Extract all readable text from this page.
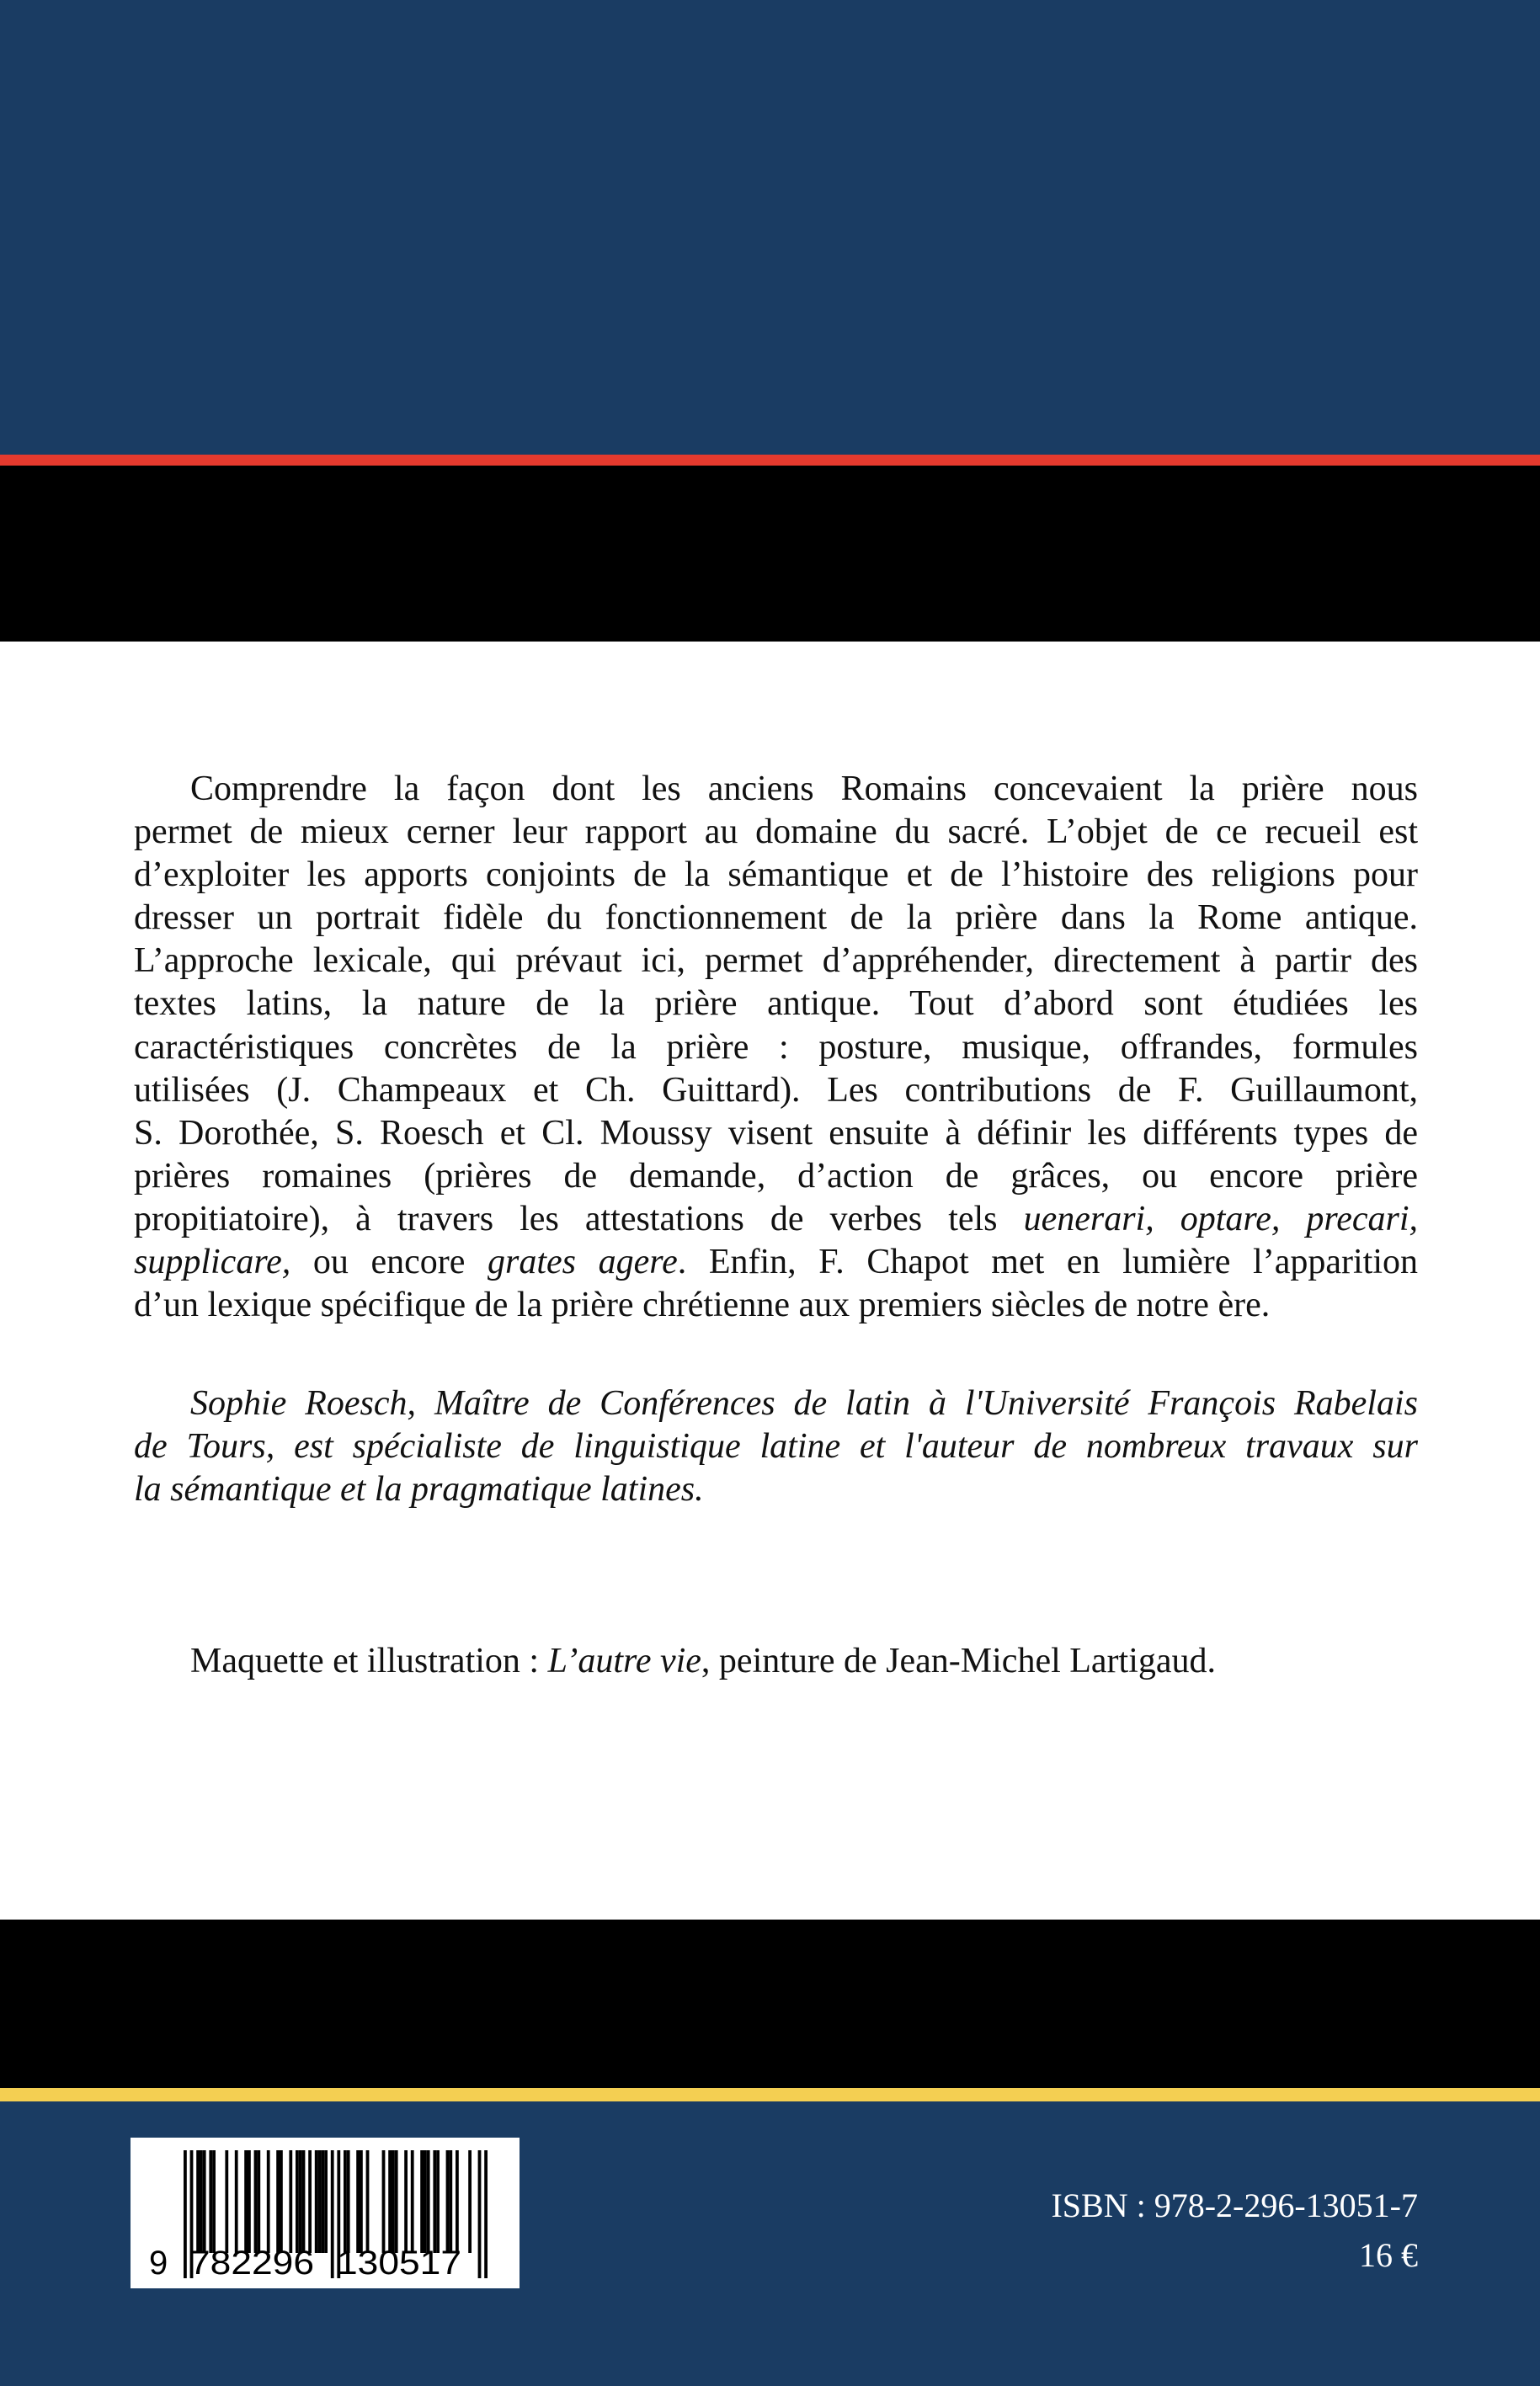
Comprendre la façon dont les anciens Romains concevaient la prière nous
permet de mieux cerner leur rapport au domaine du sacré. L’objet de ce recueil est
d’exploiter les apports conjoints de la sémantique et de l’histoire des religions pour
dresser un portrait fidèle du fonctionnement de la prière dans la Rome antique.
L’approche lexicale, qui prévaut ici, permet d’appréhender, directement à partir des
textes latins, la nature de la prière antique. Tout d’abord sont étudiées les
caractéristiques concrètes de la prière : posture, musique, offrandes, formules
utilisées (J. Champeaux et Ch. Guittard). Les contributions de F. Guillaumont,
S. Dorothée, S. Roesch et Cl. Moussy visent ensuite à définir les différents types de
prières romaines (prières de demande, d’action de grâces, ou encore prière
propitiatoire), à travers les attestations de verbes tels uenerari, optare, precari,
supplicare, ou encore grates agere. Enfin, F. Chapot met en lumière l’apparition
d’un lexique spécifique de la prière chrétienne aux premiers siècles de notre ère.
Sophie Roesch, Maître de Conférences de latin à l'Université François Rabelais
de Tours, est spécialiste de linguistique latine et l'auteur de nombreux travaux sur
la sémantique et la pragmatique latines.
Maquette et illustration : L’autre vie, peinture de Jean-Michel Lartigaud.
9 782296 130517
ISBN : 978-2-296-13051-7
16 €
